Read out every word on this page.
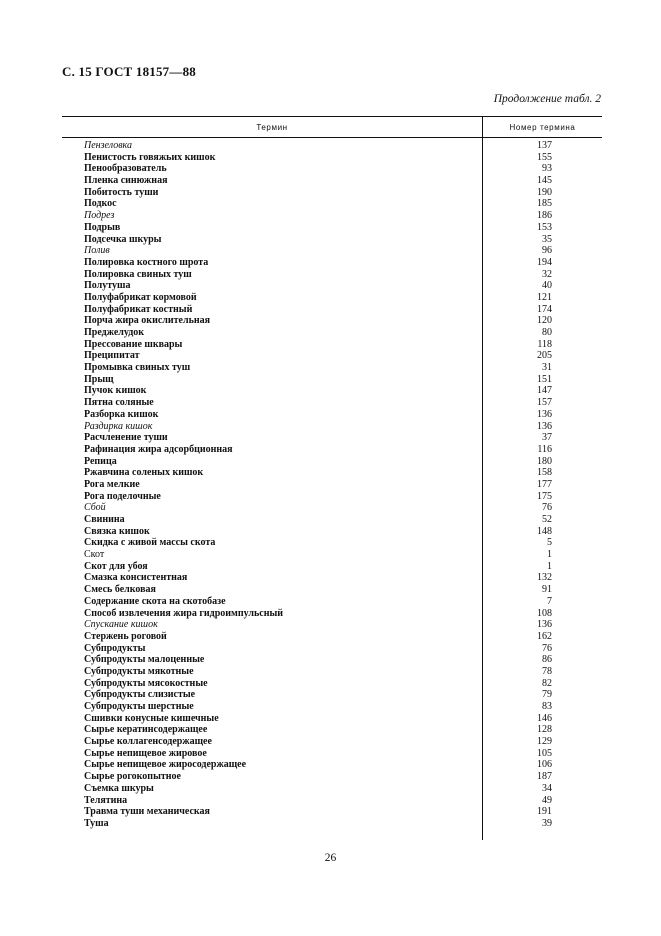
С. 15 ГОСТ 18157—88
Продолжение табл. 2
Термин	Номер термина
Пензеловка	137
Пенистость говяжьих кишок	155
Пенообразователь	93
Пленка синюжная	145
Побитость туши	190
Подкос	185
Подрез	186
Подрыв	153
Подсечка шкуры	35
Полив	96
Полировка костного шрота	194
Полировка свиных туш	32
Полутуша	40
Полуфабрикат кормовой	121
Полуфабрикат костный	174
Порча жира окислительная	120
Преджелудок	80
Прессование шквары	118
Преципитат	205
Промывка свиных туш	31
Прыщ	151
Пучок кишок	147
Пятна соляные	157
Разборка кишок	136
Раздирка кишок	136
Расчленение туши	37
Рафинация жира адсорбционная	116
Репица	180
Ржавчина соленых кишок	158
Рога мелкие	177
Рога поделочные	175
Сбой	76
Свинина	52
Связка кишок	148
Скидка с живой массы скота	5
Скот	1
Скот для убоя	1
Смазка консистентная	132
Смесь белковая	91
Содержание скота на скотобазе	7
Способ извлечения жира гидроимпульсный	108
Спускание кишок	136
Стержень роговой	162
Субпродукты	76
Субпродукты малоценные	86
Субпродукты мякотные	78
Субпродукты мясокостные	82
Субпродукты слизистые	79
Субпродукты шерстные	83
Сшивки конусные кишечные	146
Сырье кератинсодержащее	128
Сырье коллагенсодержащее	129
Сырье непищевое жировое	105
Сырье непищевое жиросодержащее	106
Сырье рогокопытное	187
Съемка шкуры	34
Телятина	49
Травма туши механическая	191
Туша	39
26
